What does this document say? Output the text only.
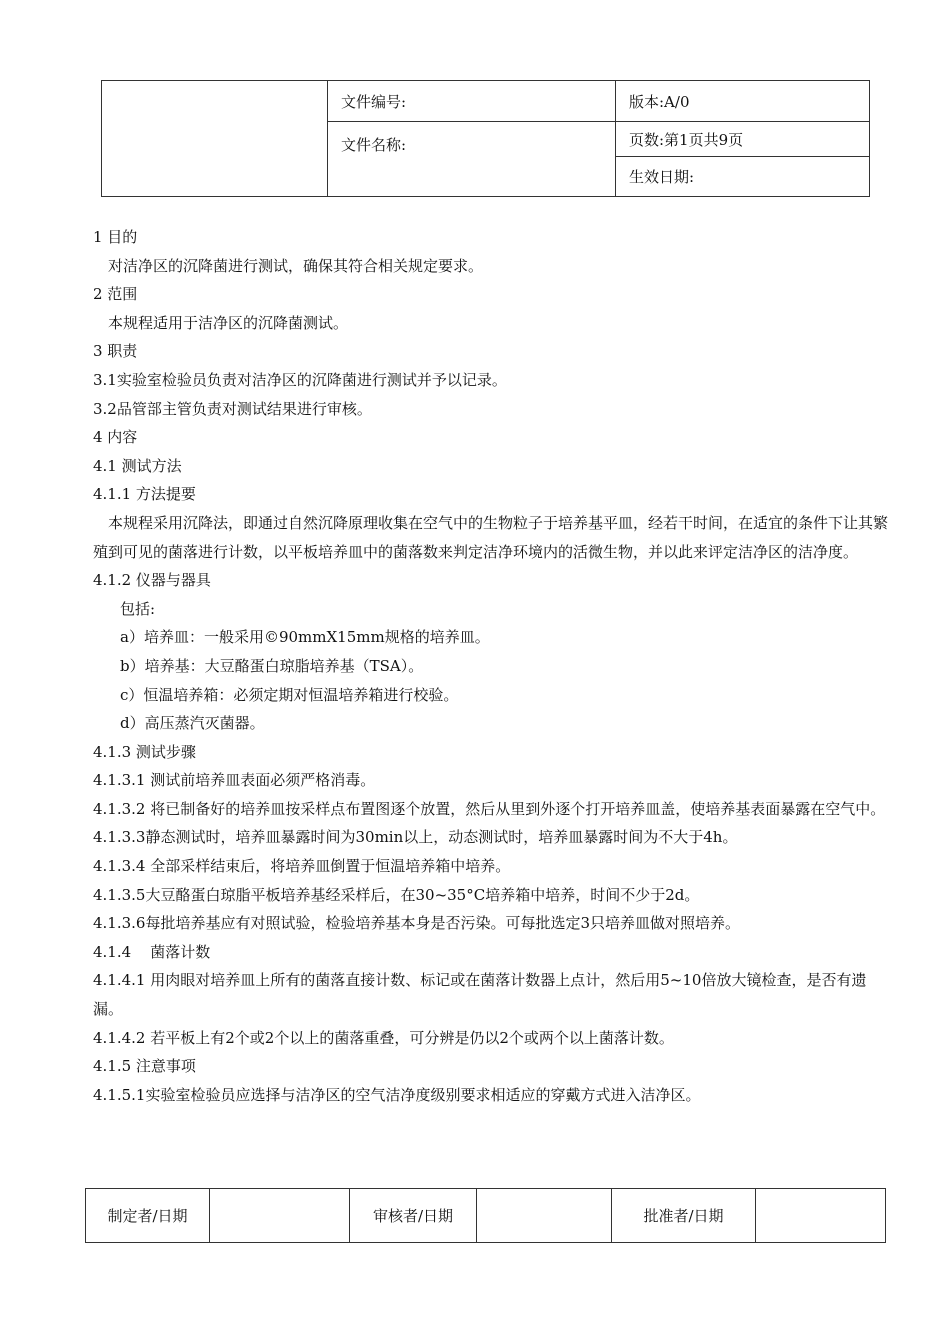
	文件编号:	版本:A/0
	文件名称:	页数:第1页共9页
		生效日期:
1 目的
对洁净区的沉降菌进行测试，确保其符合相关规定要求。
2 范围
本规程适用于洁净区的沉降菌测试。
3 职责
3.1实验室检验员负责对洁净区的沉降菌进行测试并予以记录。
3.2品管部主管负责对测试结果进行审核。
4 内容
4.1 测试方法
4.1.1 方法提要
本规程采用沉降法，即通过自然沉降原理收集在空气中的生物粒子于培养基平皿，经若干时间，在适宜的条件下让其繁殖到可见的菌落进行计数，以平板培养皿中的菌落数来判定洁净环境内的活微生物，并以此来评定洁净区的洁净度。
4.1.2 仪器与器具
包括:
a）培养皿：一般采用©90mmX15mm规格的培养皿。
b）培养基：大豆酪蛋白琼脂培养基（TSA）。
c）恒温培养箱：必须定期对恒温培养箱进行校验。
d）高压蒸汽灭菌器。
4.1.3 测试步骤
4.1.3.1 测试前培养皿表面必须严格消毒。
4.1.3.2 将已制备好的培养皿按采样点布置图逐个放置，然后从里到外逐个打开培养皿盖，使培养基表面暴露在空气中。
4.1.3.3静态测试时，培养皿暴露时间为30min以上，动态测试时，培养皿暴露时间为不大于4h。
4.1.3.4 全部采样结束后，将培养皿倒置于恒温培养箱中培养。
4.1.3.5大豆酪蛋白琼脂平板培养基经采样后，在30~35°C培养箱中培养，时间不少于2d。
4.1.3.6每批培养基应有对照试验，检验培养基本身是否污染。可每批选定3只培养皿做对照培养。
4.1.4    菌落计数
4.1.4.1 用肉眼对培养皿上所有的菌落直接计数、标记或在菌落计数器上点计，然后用5~10倍放大镜检查，是否有遗漏。
4.1.4.2 若平板上有2个或2个以上的菌落重叠，可分辨是仍以2个或两个以上菌落计数。
4.1.5 注意事项
4.1.5.1实验室检验员应选择与洁净区的空气洁净度级别要求相适应的穿戴方式进入洁净区。
制定者/日期		审核者/日期		批准者/日期	
